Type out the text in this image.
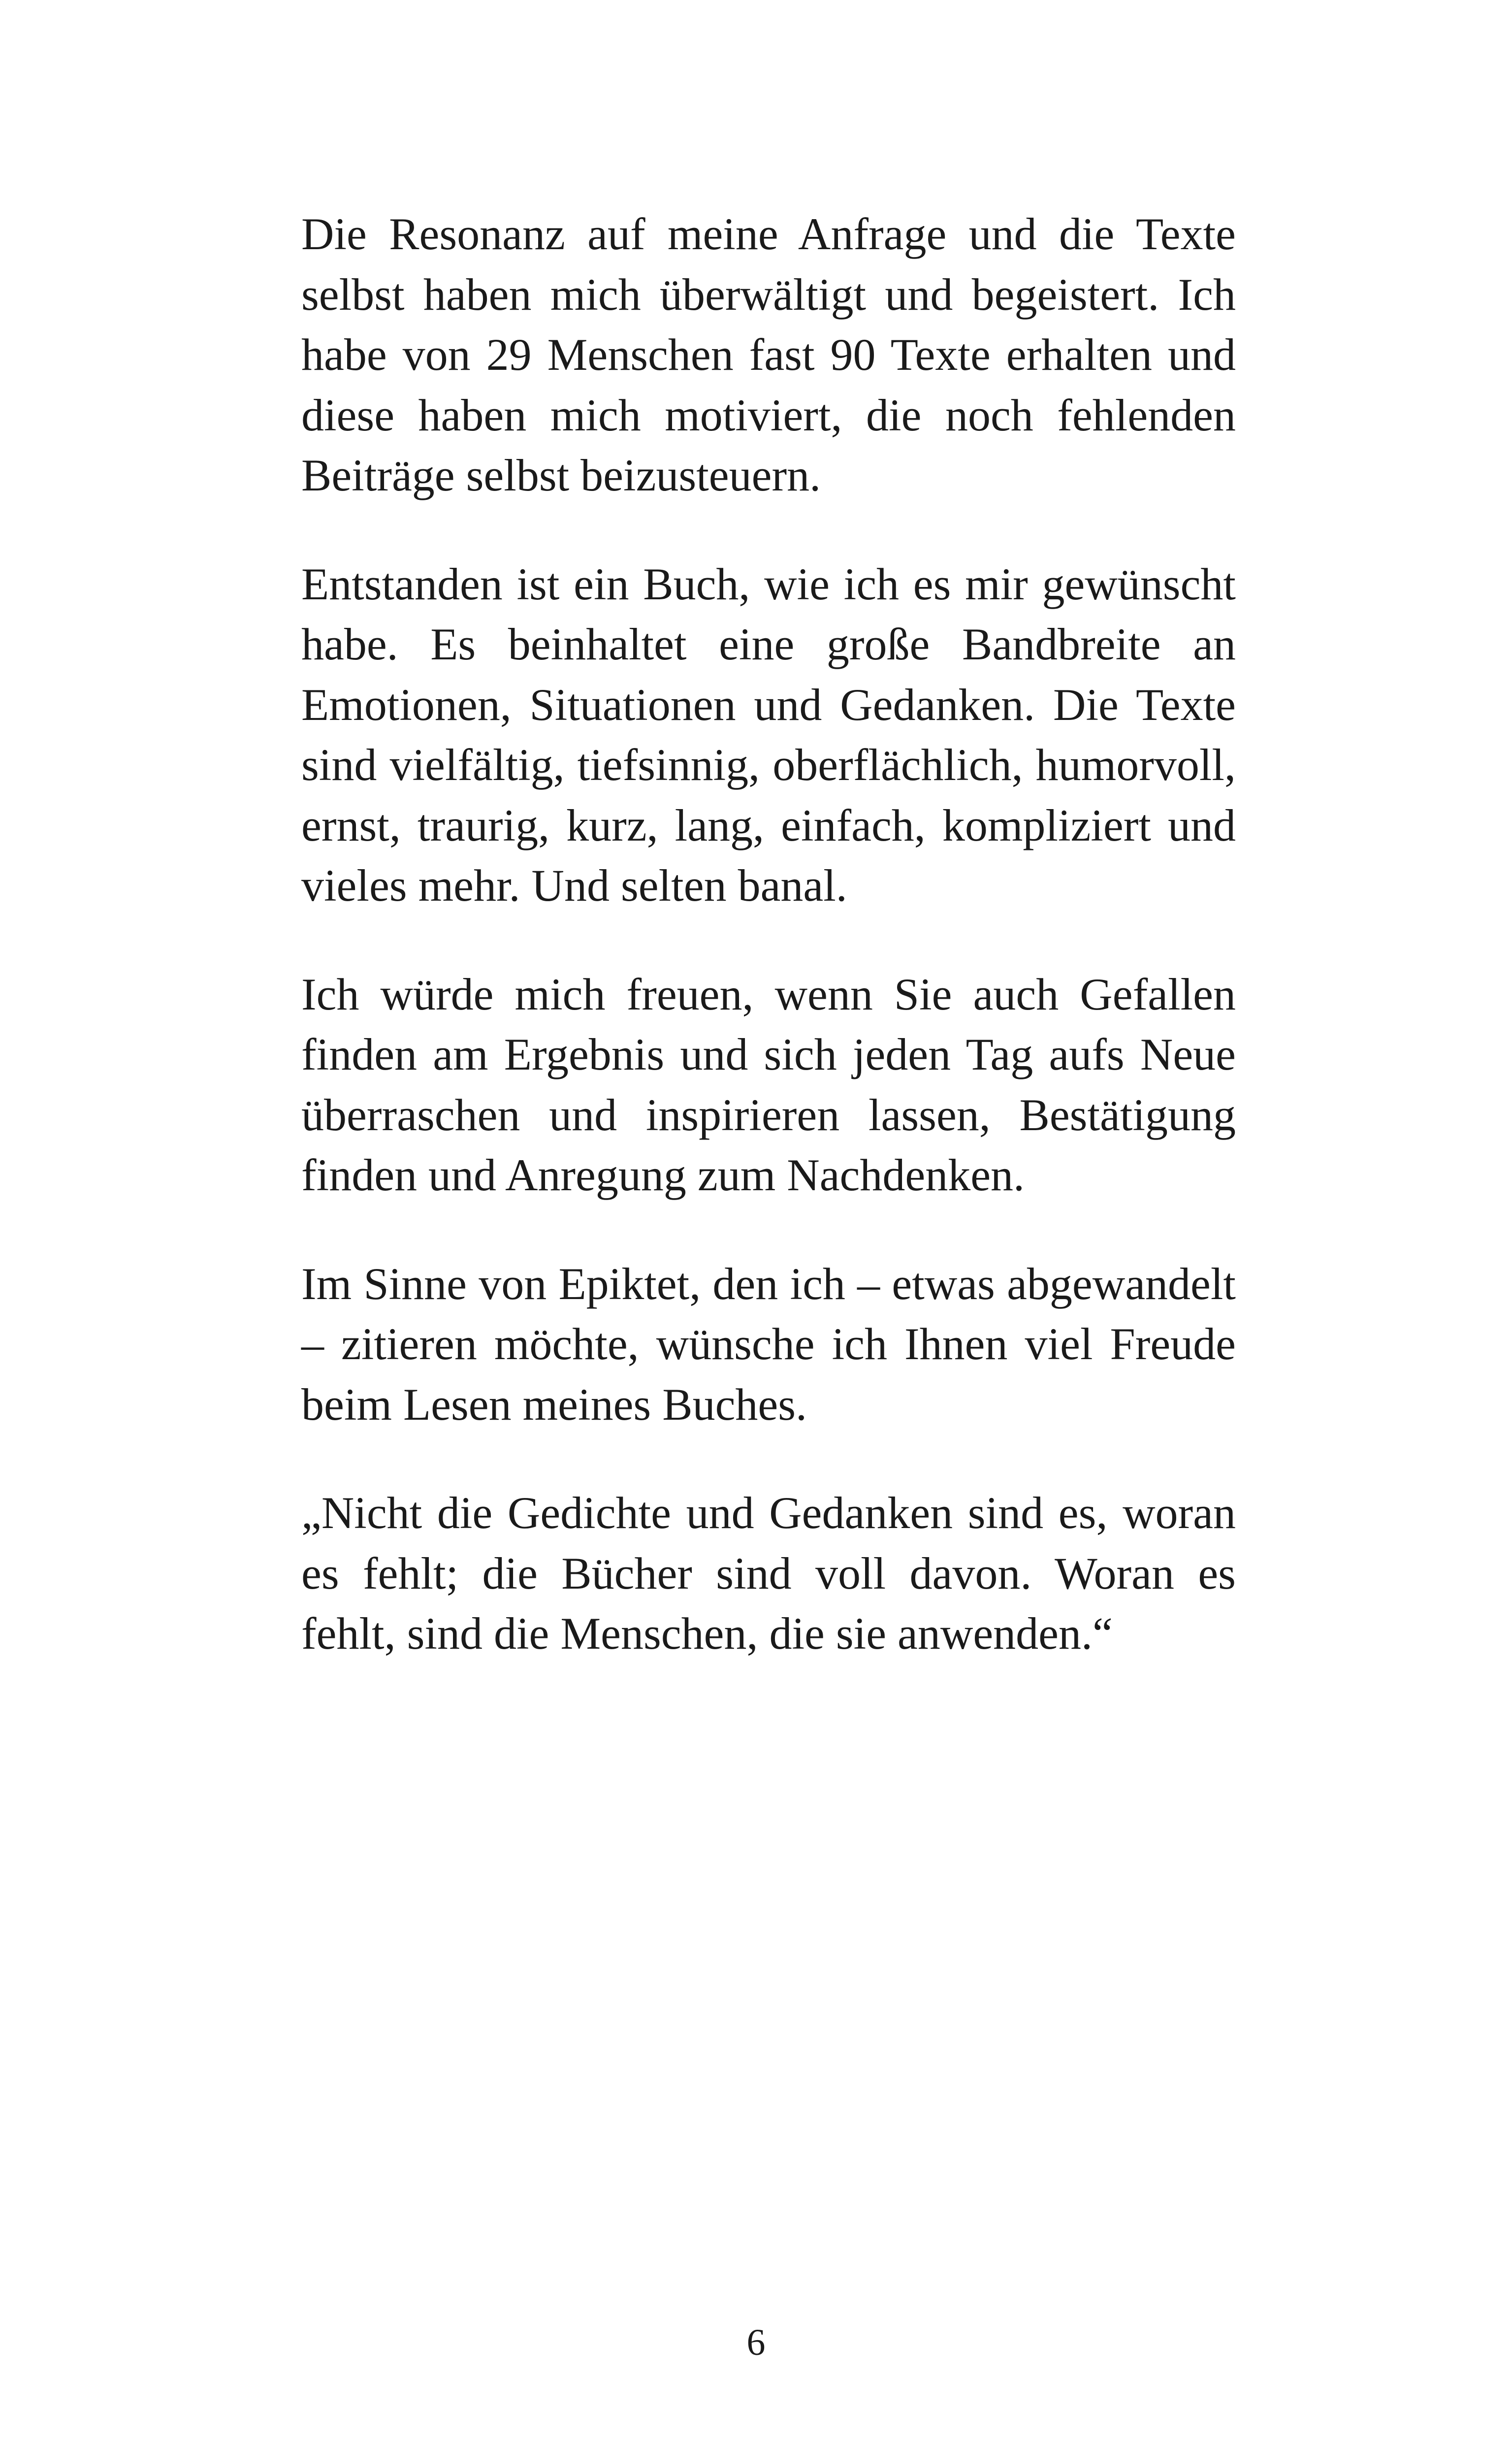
Die Resonanz auf meine Anfrage und die Texte selbst haben mich überwältigt und begeistert. Ich habe von 29 Menschen fast 90 Texte erhalten und diese haben mich motiviert, die noch fehlenden Beiträge selbst beizusteuern.

Entstanden ist ein Buch, wie ich es mir gewünscht habe. Es beinhaltet eine große Bandbreite an Emotionen, Situationen und Gedanken. Die Texte sind vielfältig, tiefsinnig, oberflächlich, humorvoll, ernst, traurig, kurz, lang, einfach, kompliziert und vieles mehr. Und selten banal.

Ich würde mich freuen, wenn Sie auch Gefallen finden am Ergebnis und sich jeden Tag aufs Neue überraschen und inspirieren lassen, Bestätigung finden und Anregung zum Nachdenken.

Im Sinne von Epiktet, den ich – etwas abgewandelt – zitieren möchte, wünsche ich Ihnen viel Freude beim Lesen meines Buches.

„Nicht die Gedichte und Gedanken sind es, woran es fehlt; die Bücher sind voll davon. Woran es fehlt, sind die Menschen, die sie anwenden.“

6
